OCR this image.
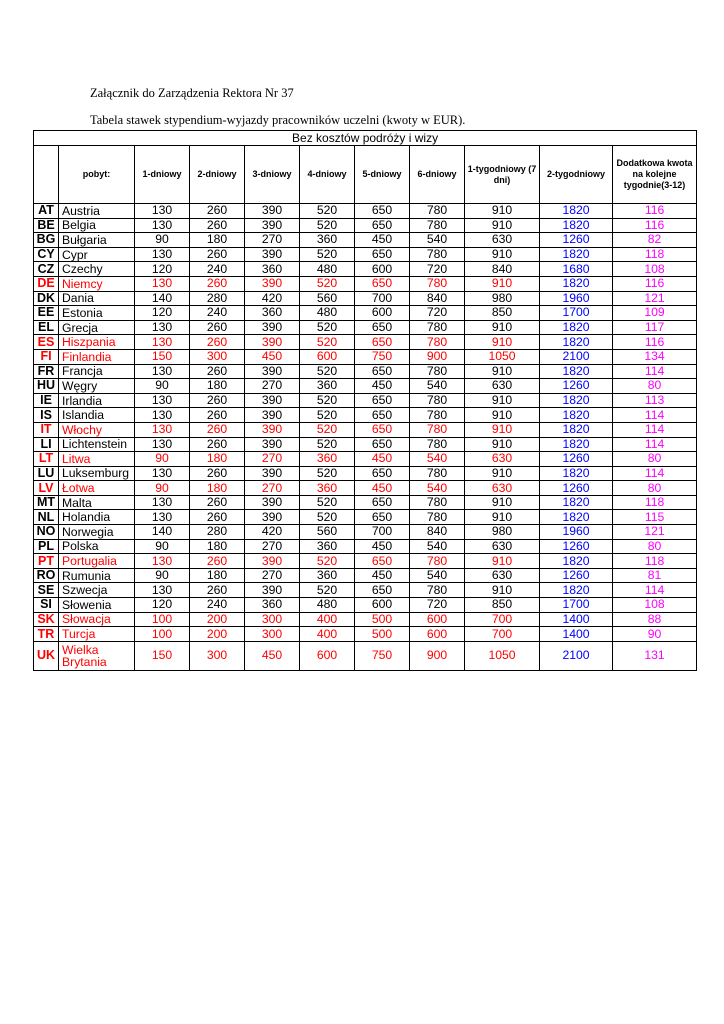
Załącznik do Zarządzenia Rektora Nr 37
Tabela stawek stypendium-wyjazdy pracowników uczelni (kwoty w EUR).
Bez kosztów podróży i wizy										
	pobyt:	1-dniowy	2-dniowy	3-dniowy	4-dniowy	5-dniowy	6-dniowy	1-tygodniowy (7 dni)	2-tygodniowy	Dodatkowa kwota na kolejne tygodnie(3-12)
AT	Austria	130	260	390	520	650	780	910	1820	116
BE	Belgia	130	260	390	520	650	780	910	1820	116
BG	Bułgaria	90	180	270	360	450	540	630	1260	82
CY	Cypr	130	260	390	520	650	780	910	1820	118
CZ	Czechy	120	240	360	480	600	720	840	1680	108
DE	Niemcy	130	260	390	520	650	780	910	1820	116
DK	Dania	140	280	420	560	700	840	980	1960	121
EE	Estonia	120	240	360	480	600	720	850	1700	109
EL	Grecja	130	260	390	520	650	780	910	1820	117
ES	Hiszpania	130	260	390	520	650	780	910	1820	116
FI	Finlandia	150	300	450	600	750	900	1050	2100	134
FR	Francja	130	260	390	520	650	780	910	1820	114
HU	Węgry	90	180	270	360	450	540	630	1260	80
IE	Irlandia	130	260	390	520	650	780	910	1820	113
IS	Islandia	130	260	390	520	650	780	910	1820	114
IT	Włochy	130	260	390	520	650	780	910	1820	114
LI	Lichtenstein	130	260	390	520	650	780	910	1820	114
LT	Litwa	90	180	270	360	450	540	630	1260	80
LU	Luksemburg	130	260	390	520	650	780	910	1820	114
LV	Łotwa	90	180	270	360	450	540	630	1260	80
MT	Malta	130	260	390	520	650	780	910	1820	118
NL	Holandia	130	260	390	520	650	780	910	1820	115
NO	Norwegia	140	280	420	560	700	840	980	1960	121
PL	Polska	90	180	270	360	450	540	630	1260	80
PT	Portugalia	130	260	390	520	650	780	910	1820	118
RO	Rumunia	90	180	270	360	450	540	630	1260	81
SE	Szwecja	130	260	390	520	650	780	910	1820	114
SI	Słowenia	120	240	360	480	600	720	850	1700	108
SK	Słowacja	100	200	300	400	500	600	700	1400	88
TR	Turcja	100	200	300	400	500	600	700	1400	90
UK	Wielka Brytania	150	300	450	600	750	900	1050	2100	131
